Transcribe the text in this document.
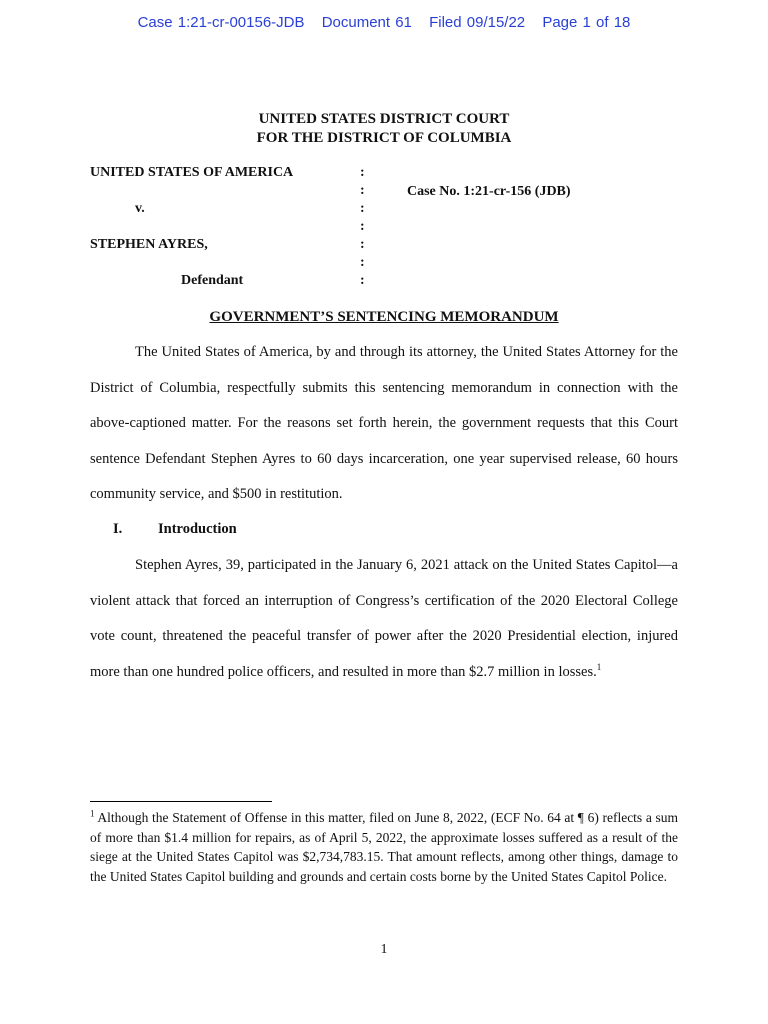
Case 1:21-cr-00156-JDB Document 61 Filed 09/15/22 Page 1 of 18
UNITED STATES DISTRICT COURT
FOR THE DISTRICT OF COLUMBIA
UNITED STATES OF AMERICA
v.
STEPHEN AYRES,
Defendant
:
:
:
:
:
:
:
Case No. 1:21-cr-156 (JDB)
GOVERNMENT’S SENTENCING MEMORANDUM
The United States of America, by and through its attorney, the United States Attorney for the District of Columbia, respectfully submits this sentencing memorandum in connection with the above-captioned matter. For the reasons set forth herein, the government requests that this Court sentence Defendant Stephen Ayres to 60 days incarceration, one year supervised release, 60 hours community service, and $500 in restitution.
I. Introduction
Stephen Ayres, 39, participated in the January 6, 2021 attack on the United States Capitol—a violent attack that forced an interruption of Congress’s certification of the 2020 Electoral College vote count, threatened the peaceful transfer of power after the 2020 Presidential election, injured more than one hundred police officers, and resulted in more than $2.7 million in losses.$^1$
$^1$ Although the Statement of Offense in this matter, filed on June 8, 2022, (ECF No. 64 at ¶ 6) reflects a sum of more than $1.4 million for repairs, as of April 5, 2022, the approximate losses suffered as a result of the siege at the United States Capitol was $2,734,783.15. That amount reflects, among other things, damage to the United States Capitol building and grounds and certain costs borne by the United States Capitol Police.
1
